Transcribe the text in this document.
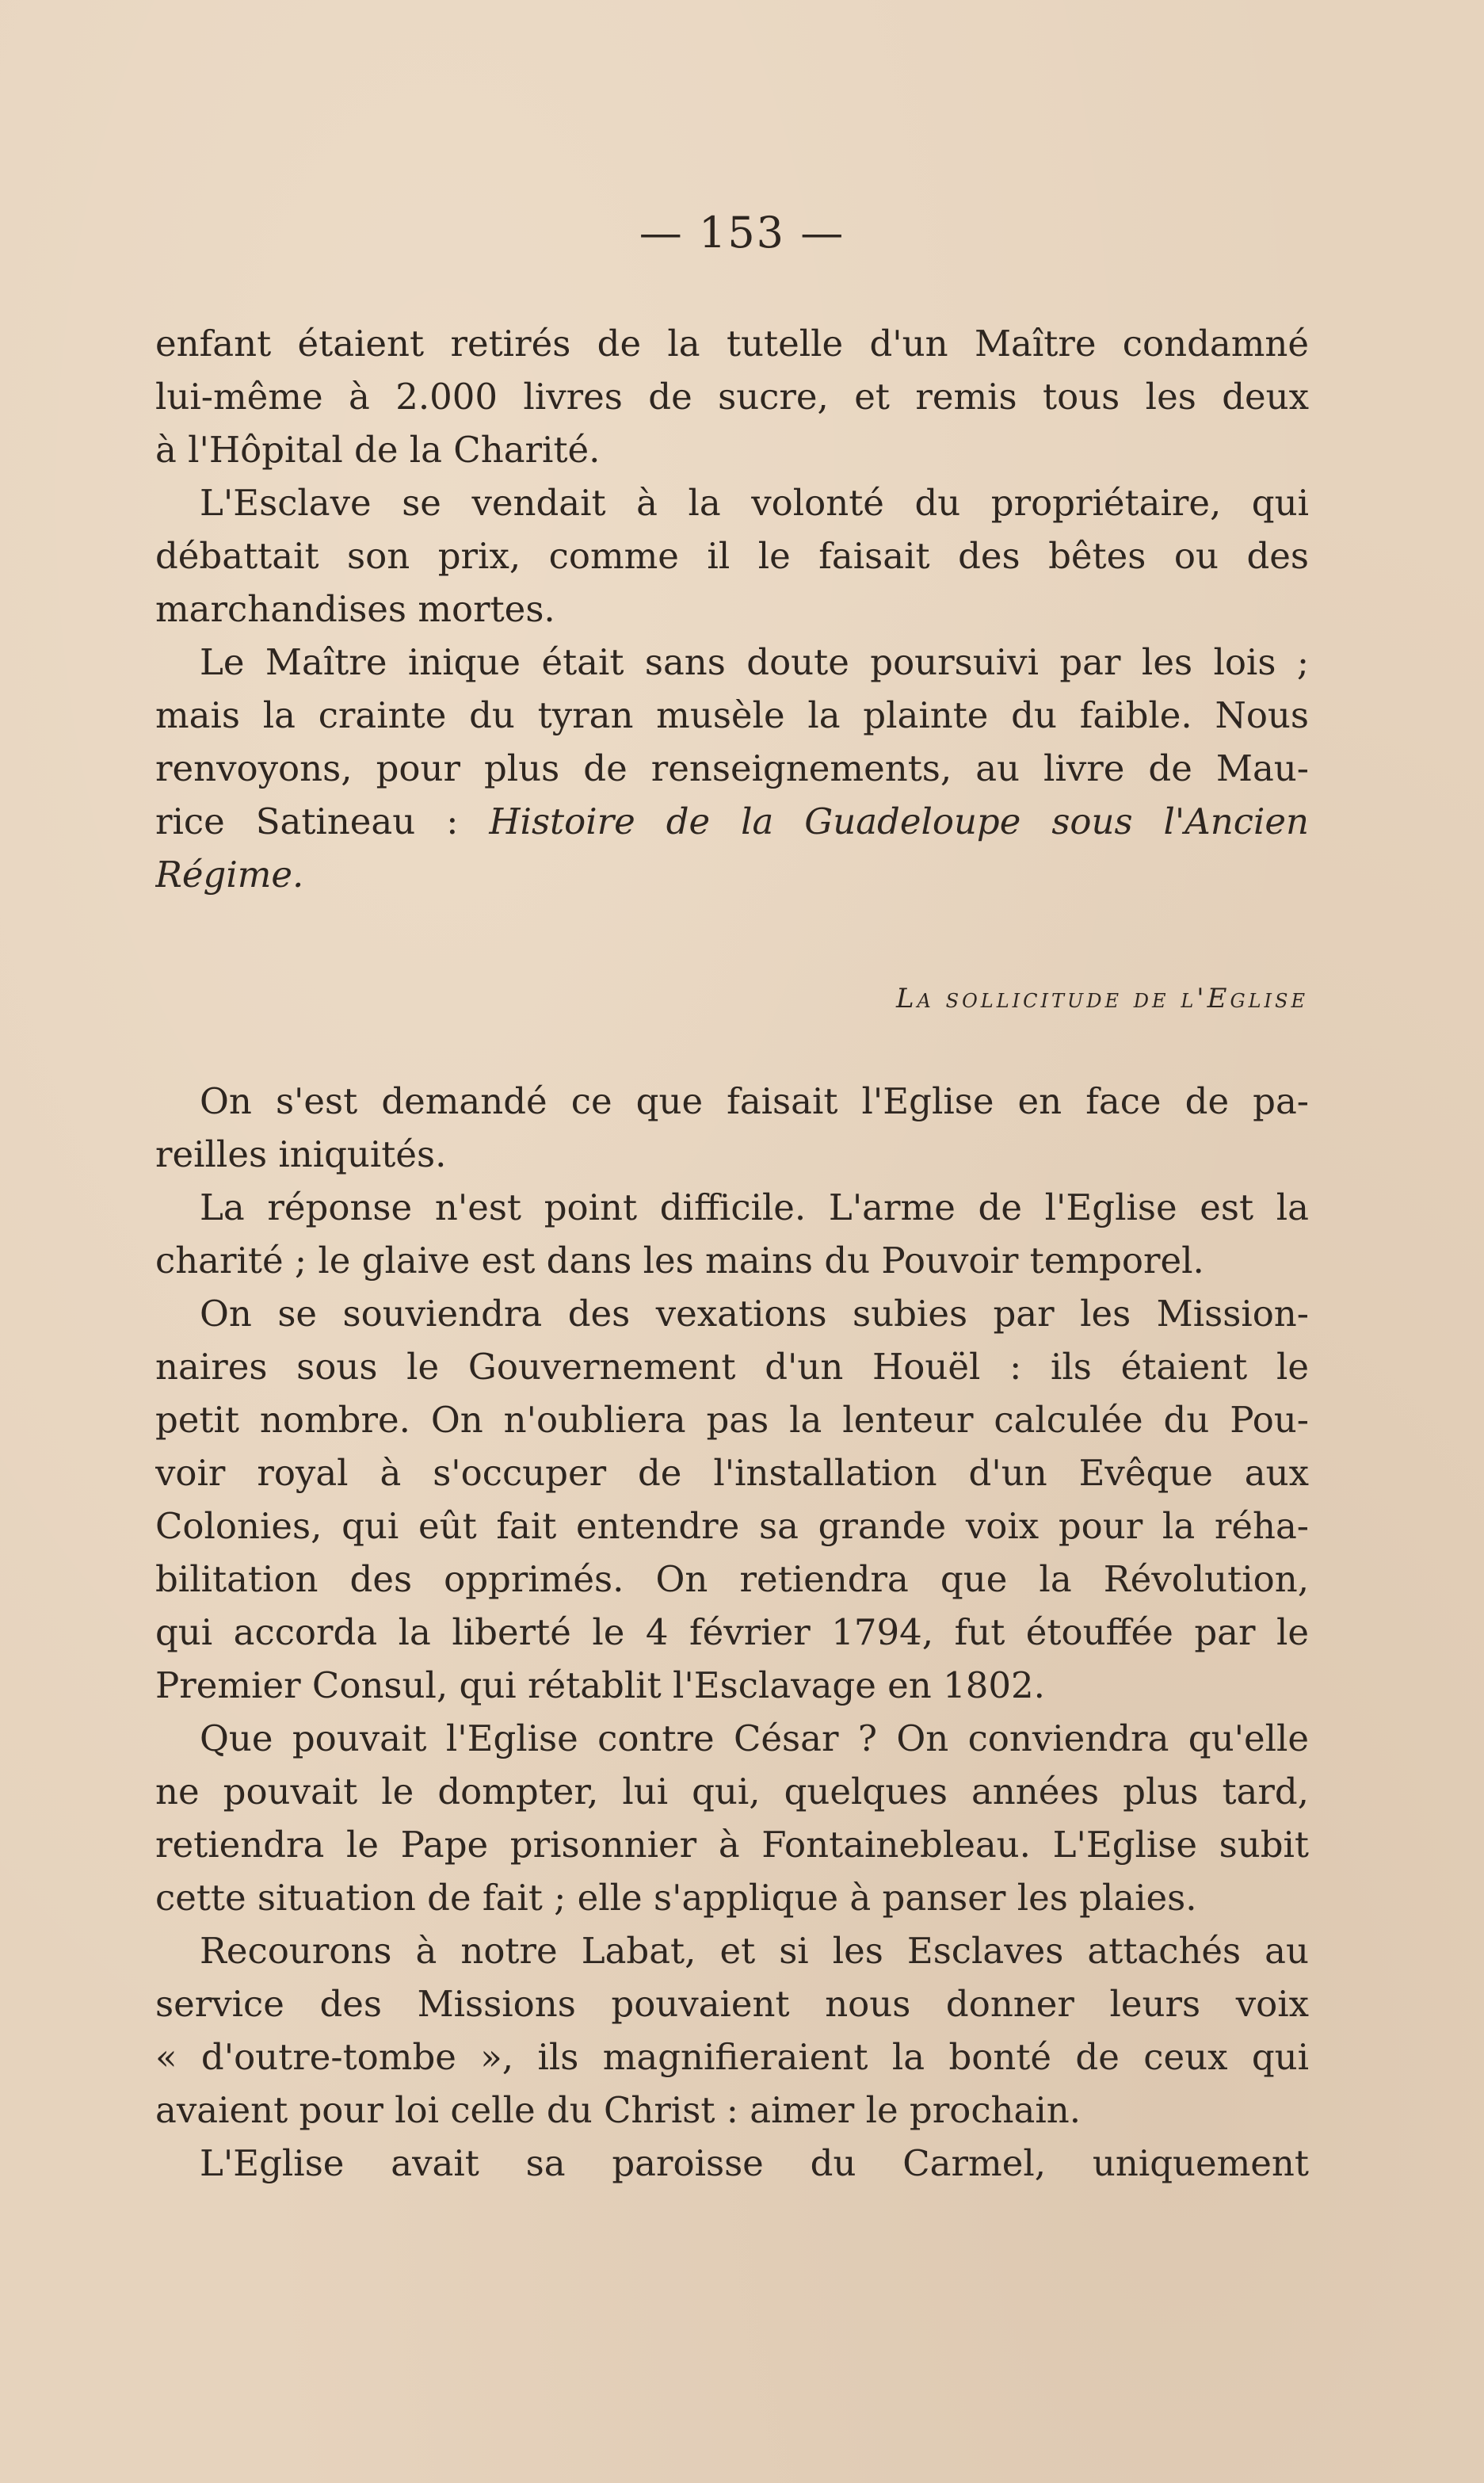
— 153 —

enfant étaient retirés de la tutelle d'un Maître condamné
lui-même à 2.000 livres de sucre, et remis tous les deux
à l'Hôpital de la Charité.

L'Esclave se vendait à la volonté du propriétaire, qui
débattait son prix, comme il le faisait des bêtes ou des
marchandises mortes.

Le Maître inique était sans doute poursuivi par les lois ;
mais la crainte du tyran musèle la plainte du faible. Nous
renvoyons, pour plus de renseignements, au livre de Mau-
rice Satineau : Histoire de la Guadeloupe sous l'Ancien
Régime.

La sollicitude de l'Eglise

On s'est demandé ce que faisait l'Eglise en face de pa-
reilles iniquités.

La réponse n'est point difficile. L'arme de l'Eglise est la
charité ; le glaive est dans les mains du Pouvoir temporel.

On se souviendra des vexations subies par les Mission-
naires sous le Gouvernement d'un Houël : ils étaient le
petit nombre. On n'oubliera pas la lenteur calculée du Pou-
voir royal à s'occuper de l'installation d'un Evêque aux
Colonies, qui eût fait entendre sa grande voix pour la réha-
bilitation des opprimés. On retiendra que la Révolution,
qui accorda la liberté le 4 février 1794, fut étouffée par le
Premier Consul, qui rétablit l'Esclavage en 1802.

Que pouvait l'Eglise contre César ? On conviendra qu'elle
ne pouvait le dompter, lui qui, quelques années plus tard,
retiendra le Pape prisonnier à Fontainebleau. L'Eglise subit
cette situation de fait ; elle s'applique à panser les plaies.

Recourons à notre Labat, et si les Esclaves attachés au
service des Missions pouvaient nous donner leurs voix
« d'outre-tombe », ils magnifieraient la bonté de ceux qui
avaient pour loi celle du Christ : aimer le prochain.

L'Eglise avait sa paroisse du Carmel, uniquement
